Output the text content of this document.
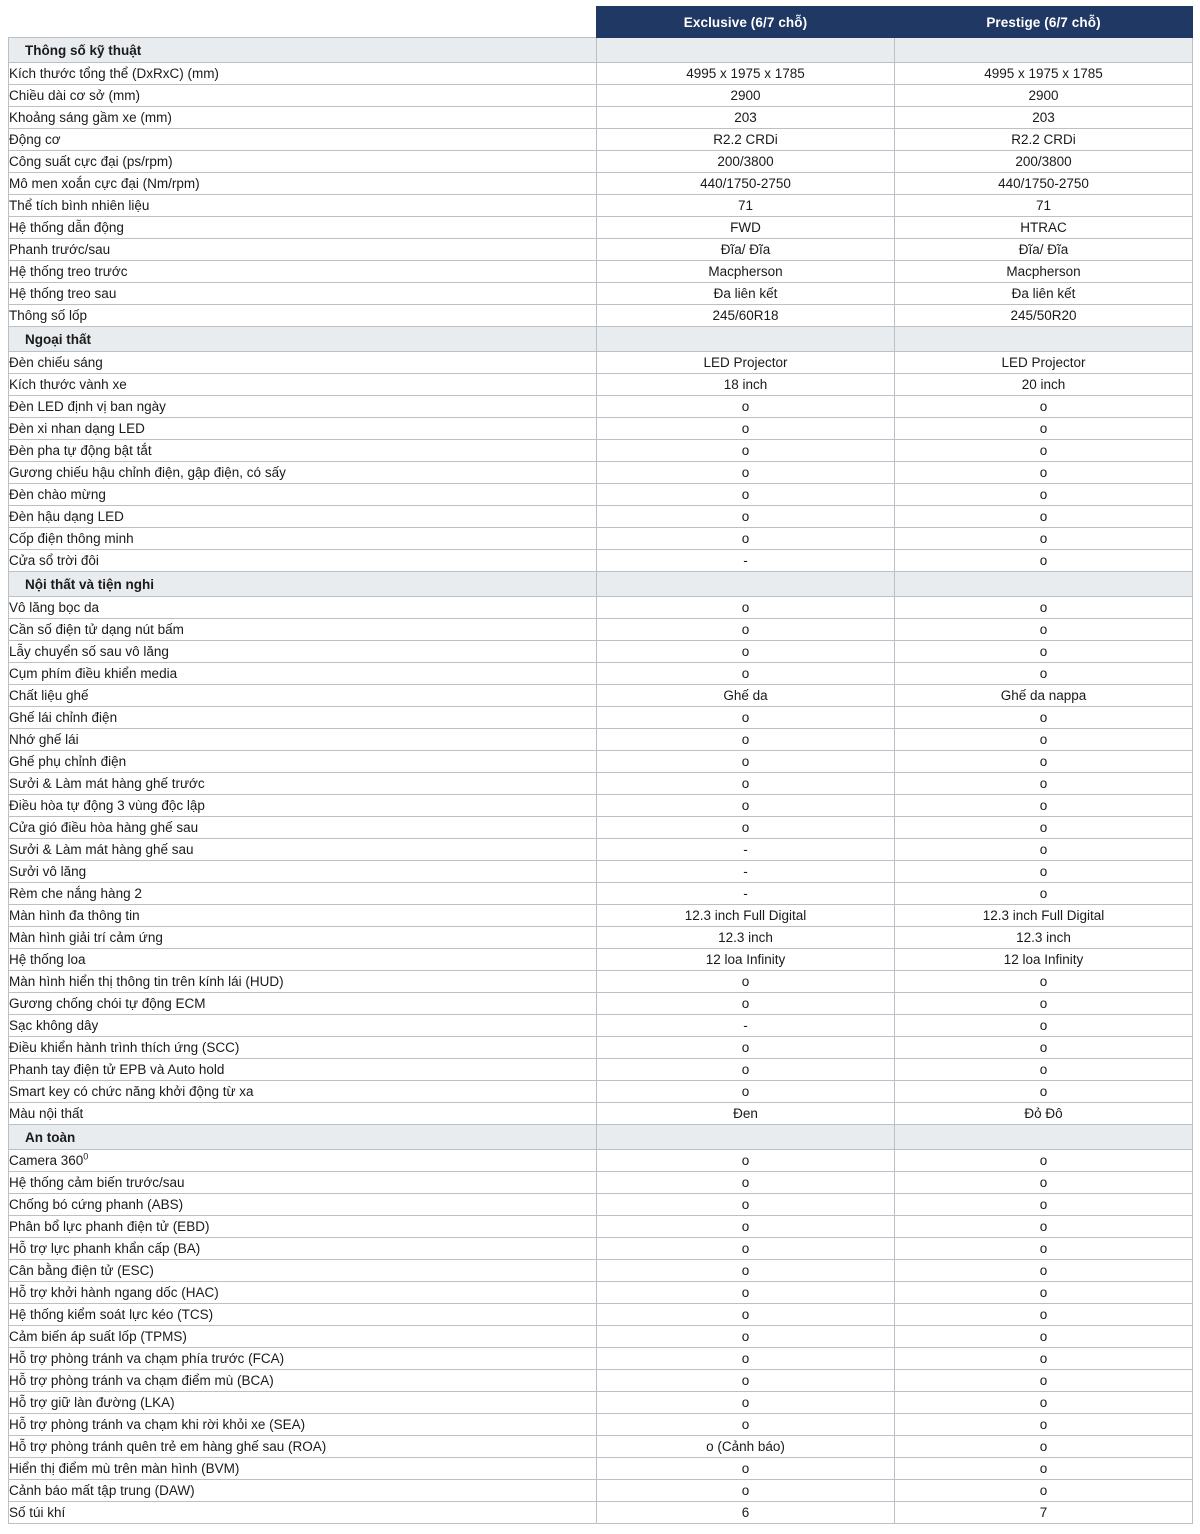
	Exclusive (6/7 chỗ)	Prestige (6/7 chỗ)
Thông số kỹ thuật		
Kích thước tổng thể (DxRxC) (mm)	4995 x 1975 x 1785	4995 x 1975 x 1785
Chiều dài cơ sở (mm)	2900	2900
Khoảng sáng gầm xe (mm)	203	203
Động cơ	R2.2 CRDi	R2.2 CRDi
Công suất cực đại (ps/rpm)	200/3800	200/3800
Mô men xoắn cực đại (Nm/rpm)	440/1750-2750	440/1750-2750
Thể tích bình nhiên liệu	71	71
Hệ thống dẫn động	FWD	HTRAC
Phanh trước/sau	Đĩa/ Đĩa	Đĩa/ Đĩa
Hệ thống treo trước	Macpherson	Macpherson
Hệ thống treo sau	Đa liên kết	Đa liên kết
Thông số lốp	245/60R18	245/50R20
Ngoại thất		
Đèn chiếu sáng	LED Projector	LED Projector
Kích thước vành xe	18 inch	20 inch
Đèn LED định vị ban ngày	o	o
Đèn xi nhan dạng LED	o	o
Đèn pha tự động bật tắt	o	o
Gương chiếu hậu chỉnh điện, gập điện, có sấy	o	o
Đèn chào mừng	o	o
Đèn hậu dạng LED	o	o
Cốp điện thông minh	o	o
Cửa sổ trời đôi	-	o
Nội thất và tiện nghi		
Vô lăng bọc da	o	o
Cần số điện tử dạng nút bấm	o	o
Lẫy chuyển số sau vô lăng	o	o
Cụm phím điều khiển media	o	o
Chất liệu ghế	Ghế da	Ghế da nappa
Ghế lái chỉnh điện	o	o
Nhớ ghế lái	o	o
Ghế phụ chỉnh điện	o	o
Sưởi & Làm mát hàng ghế trước	o	o
Điều hòa tự động 3 vùng độc lập	o	o
Cửa gió điều hòa hàng ghế sau	o	o
Sưởi & Làm mát hàng ghế sau	-	o
Sưởi vô lăng	-	o
Rèm che nắng hàng 2	-	o
Màn hình đa thông tin	12.3 inch Full Digital	12.3 inch Full Digital
Màn hình giải trí cảm ứng	12.3 inch	12.3 inch
Hệ thống loa	12 loa Infinity	12 loa Infinity
Màn hình hiển thị thông tin trên kính lái (HUD)	o	o
Gương chống chói tự động ECM	o	o
Sạc không dây	-	o
Điều khiển hành trình thích ứng (SCC)	o	o
Phanh tay điện tử EPB và Auto hold	o	o
Smart key có chức năng khởi động từ xa	o	o
Màu nội thất	Đen	Đỏ Đô
An toàn		
Camera $360^0$	o	o
Hệ thống cảm biến trước/sau	o	o
Chống bó cứng phanh (ABS)	o	o
Phân bổ lực phanh điện tử (EBD)	o	o
Hỗ trợ lực phanh khẩn cấp (BA)	o	o
Cân bằng điện tử (ESC)	o	o
Hỗ trợ khởi hành ngang dốc (HAC)	o	o
Hệ thống kiểm soát lực kéo (TCS)	o	o
Cảm biến áp suất lốp (TPMS)	o	o
Hỗ trợ phòng tránh va chạm phía trước (FCA)	o	o
Hỗ trợ phòng tránh va chạm điểm mù (BCA)	o	o
Hỗ trợ giữ làn đường (LKA)	o	o
Hỗ trợ phòng tránh va chạm khi rời khỏi xe (SEA)	o	o
Hỗ trợ phòng tránh quên trẻ em hàng ghế sau (ROA)	o (Cảnh báo)	o
Hiển thị điểm mù trên màn hình (BVM)	o	o
Cảnh báo mất tập trung (DAW)	o	o
Số túi khí	6	7
